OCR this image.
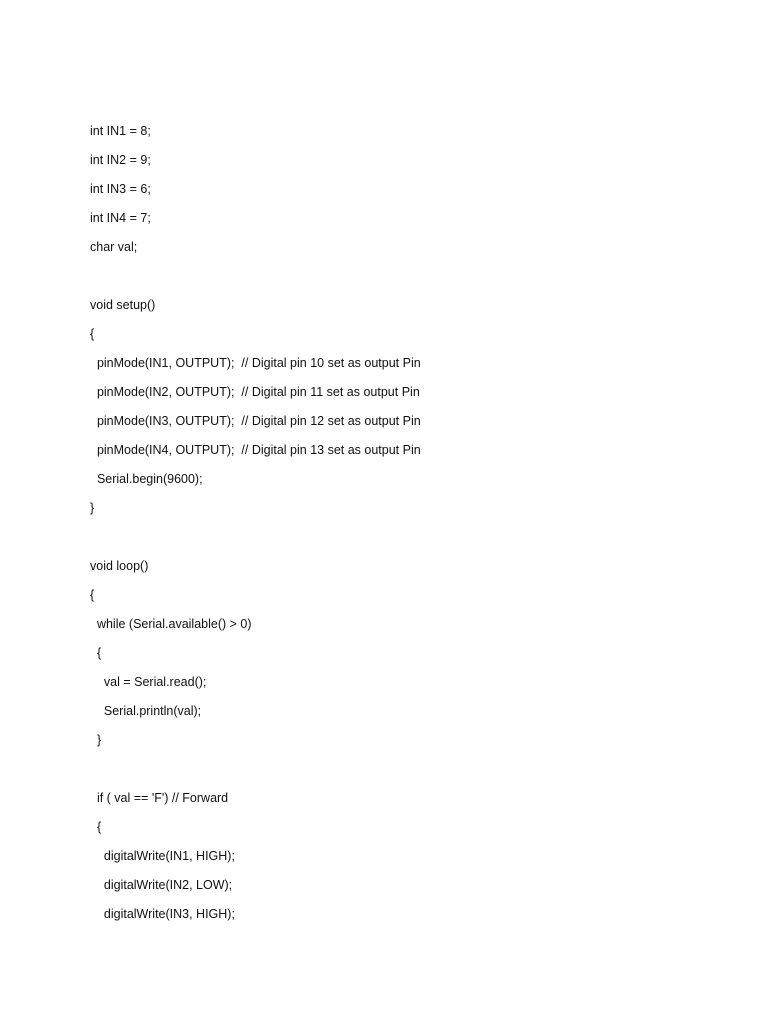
int IN1 = 8;
int IN2 = 9;
int IN3 = 6;
int IN4 = 7;
char val;
void setup()
{
pinMode(IN1, OUTPUT);  // Digital pin 10 set as output Pin
pinMode(IN2, OUTPUT);  // Digital pin 11 set as output Pin
pinMode(IN3, OUTPUT);  // Digital pin 12 set as output Pin
pinMode(IN4, OUTPUT);  // Digital pin 13 set as output Pin
Serial.begin(9600);
}
void loop()
{
while (Serial.available() > 0)
{
val = Serial.read();
Serial.println(val);
}
if ( val == 'F') // Forward
{
digitalWrite(IN1, HIGH);
digitalWrite(IN2, LOW);
digitalWrite(IN3, HIGH);
